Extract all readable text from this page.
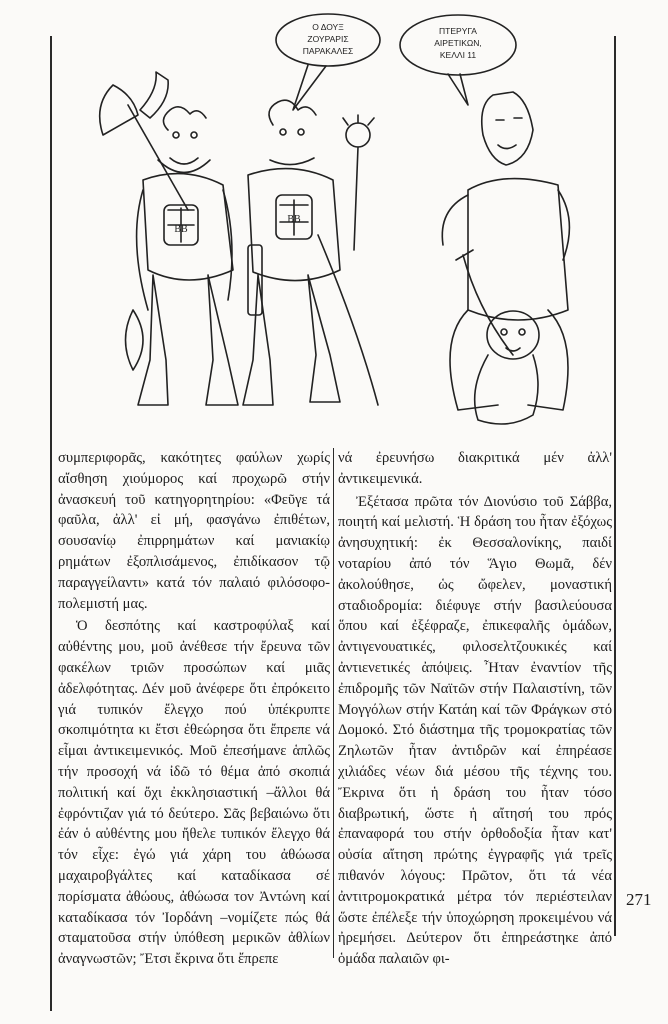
Ο ΔΟΥΞ
ΖΟΥΡΑΡΙΣ
ΠΑΡΑΚΑΛΕΣ
ΠΤΕΡΥΓΑ
ΑΙΡΕΤΙΚΩΝ,
ΚΕΛΛΙ 11
ΒΒ
ΒΒ

συμπεριφορᾶς, κακότητες φαύλων χωρίς αἴσθηση χιούμορος καί προχωρῶ στήν ἀνασκευή τοῦ κατηγορητηρίου: «Φεῦγε τά φαῦλα, ἀλλ' εἰ μή, φασγάνω ἐπιθέτων, σουσανίῳ ἐπιρρημάτων καί μανιακίῳ ρημάτων ἐξοπλισάμενος, ἐπιδίκασον τῷ παραγγείλαντι» κατά τόν παλαιό φιλόσοφο-πολεμιστή μας.

Ὁ δεσπότης καί καστροφύλαξ καί αὐθέντης μου, μοῦ ἀνέθεσε τήν ἔρευνα τῶν φακέλων τριῶν προσώπων καί μιᾶς ἀδελφότητας. Δέν μοῦ ἀνέφερε ὅτι ἐπρόκειτο γιά τυπικόν ἔλεγχο πού ὑπέκρυπτε σκοπιμότητα κι ἔτσι ἐθεώρησα ὅτι ἔπρεπε νά εἶμαι ἀντικειμενικός. Μοῦ ἐπεσήμανε ἁπλῶς τήν προσοχή νά ἰδῶ τό θέμα ἀπό σκοπιά πολιτική καί ὄχι ἐκκλησιαστική –ἄλλοι θά ἐφρόντιζαν γιά τό δεύτερο. Σᾶς βεβαιώνω ὅτι ἐάν ὁ αὐθέντης μου ἤθελε τυπικόν ἔλεγχο θά τόν εἶχε: ἐγώ γιά χάρη του ἀθώωσα μαχαιροβγάλτες καί καταδίκασα σέ πορίσματα ἀθώους, ἀθώωσα τον Ἀντώνη καί καταδίκασα τόν Ἰορδάνη –νομίζετε πώς θά σταματοῦσα στήν ὑπόθεση μερικῶν ἀθλίων ἀναγνωστῶν; Ἔτσι ἔκρινα ὅτι ἔπρεπε

νά ἐρευνήσω διακριτικά μέν ἀλλ' ἀντικειμενικά.

Ἐξέτασα πρῶτα τόν Διονύσιο τοῦ Σάββα, ποιητή καί μελιστή. Ἡ δράση του ἦταν ἐξόχως ἀνησυχητική: ἐκ Θεσσαλονίκης, παιδί νοταρίου ἀπό τόν Ἅγιο Θωμᾶ, δέν ἀκολούθησε, ὡς ὤφελεν, μοναστική σταδιοδρομία: διέφυγε στήν βασιλεύουσα ὅπου καί ἐξέφραζε, ἐπικεφαλῆς ὁμάδων, ἀντιγενουατικές, φιλοσελτζουκικές καί ἀντιενετικές ἀπόψεις. Ἦταν ἐναντίον τῆς ἐπιδρομῆς τῶν Ναϊτῶν στήν Παλαιστίνη, τῶν Μογγόλων στήν Κατάη καί τῶν Φράγκων στό Δομοκό. Στό διάστημα τῆς τρομοκρατίας τῶν Ζηλωτῶν ἦταν ἀντιδρῶν καί ἐπηρέασε χιλιάδες νέων διά μέσου τῆς τέχνης του. Ἔκρινα ὅτι ἡ δράση του ἦταν τόσο διαβρωτική, ὥστε ἡ αἴτησή του πρός ἐπαναφορά του στήν ὀρθοδοξία ἦταν κατ' οὐσία αἴτηση πρώτης ἐγγραφῆς γιά τρεῖς πιθανόν λόγους: Πρῶτον, ὅτι τά νέα ἀντιτρομοκρατικά μέτρα τόν περιέστειλαν ὥστε ἐπέλεξε τήν ὑποχώρηση προκειμένου νά ἠρεμήσει. Δεύτερον ὅτι ἐπηρεάστηκε ἀπό ὁμάδα παλαιῶν φι-

271
